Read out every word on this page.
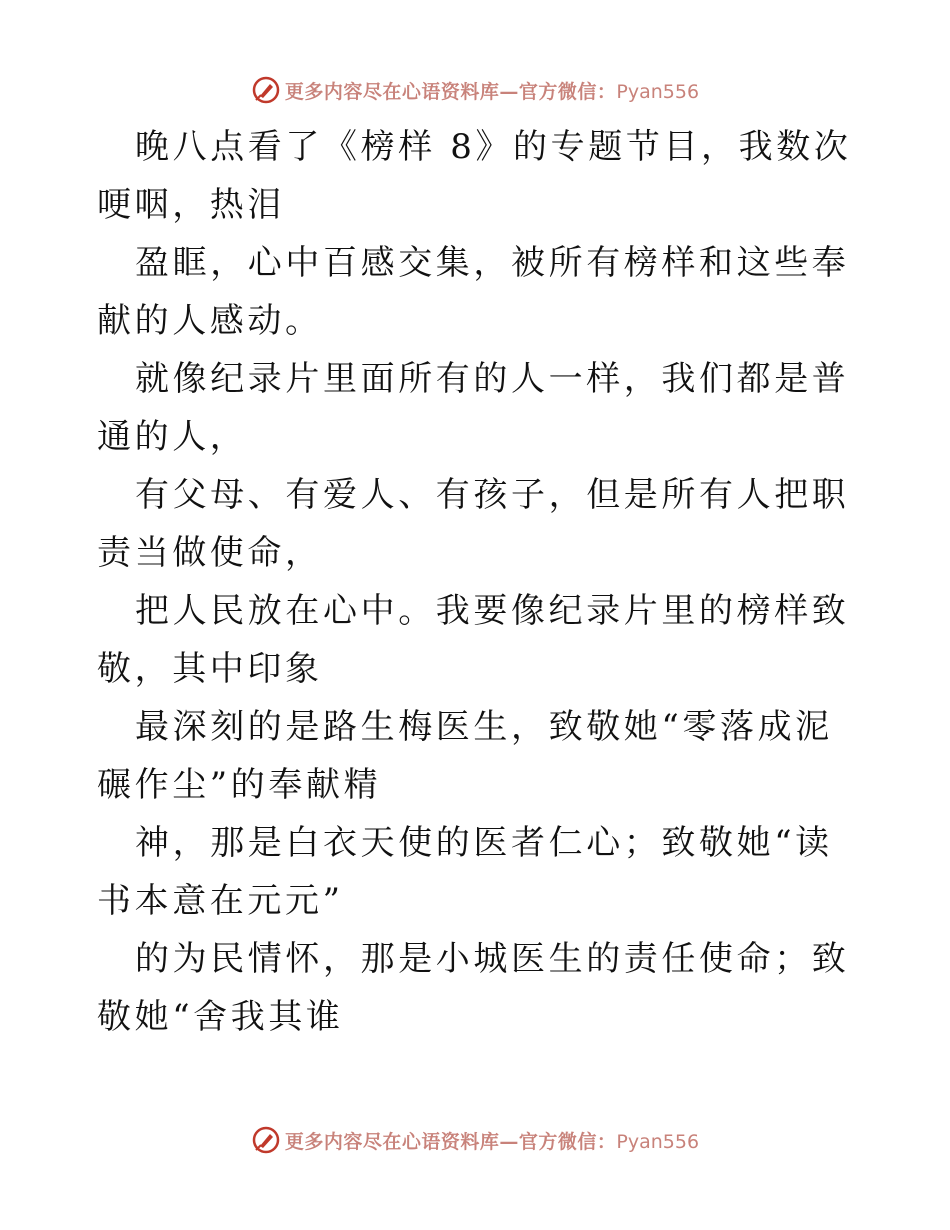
更多内容尽在心语资料库—官方微信：Pyan556

晚八点看了《榜样 8》的专题节目，我数次哽咽，热泪

盈眶，心中百感交集，被所有榜样和这些奉献的人感动。

就像纪录片里面所有的人一样，我们都是普通的人，

有父母、有爱人、有孩子，但是所有人把职责当做使命，

把人民放在心中。我要像纪录片里的榜样致敬，其中印象

最深刻的是路生梅医生，致敬她“零落成泥碾作尘”的奉献精

神，那是白衣天使的医者仁心；致敬她“读书本意在元元”

的为民情怀，那是小城医生的责任使命；致敬她“舍我其谁

更多内容尽在心语资料库—官方微信：Pyan556
